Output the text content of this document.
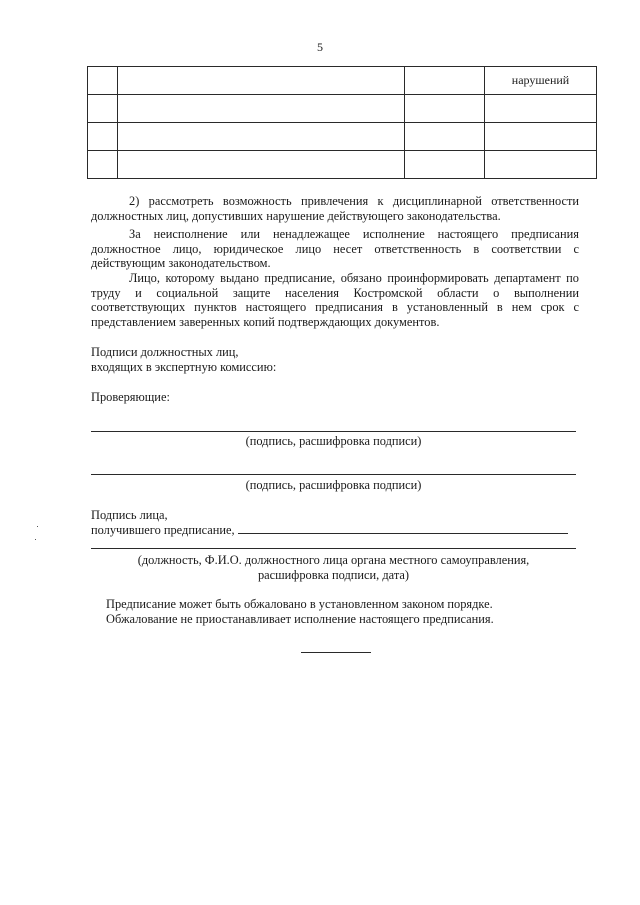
5
			нарушений

2) рассмотреть возможность привлечения к дисциплинарной ответственности должностных лиц, допустивших нарушение действующего законодательства.
За неисполнение или ненадлежащее исполнение настоящего предписания должностное лицо, юридическое лицо несет ответственность в соответствии с действующим законодательством.
Лицо, которому выдано предписание, обязано проинформировать департамент по труду и социальной защите населения Костромской области о выполнении соответствующих пунктов настоящего предписания в установленный в нем срок с представлением заверенных копий подтверждающих документов.
Подписи должностных лиц,
входящих в экспертную комиссию:
Проверяющие:
(подпись, расшифровка подписи)
(подпись, расшифровка подписи)
Подпись лица,
получившего предписание,
(должность, Ф.И.О. должностного лица органа местного самоуправления,
расшифровка подписи, дата)
Предписание может быть обжаловано в установленном законом порядке.
Обжалование не приостанавливает исполнение настоящего предписания.
